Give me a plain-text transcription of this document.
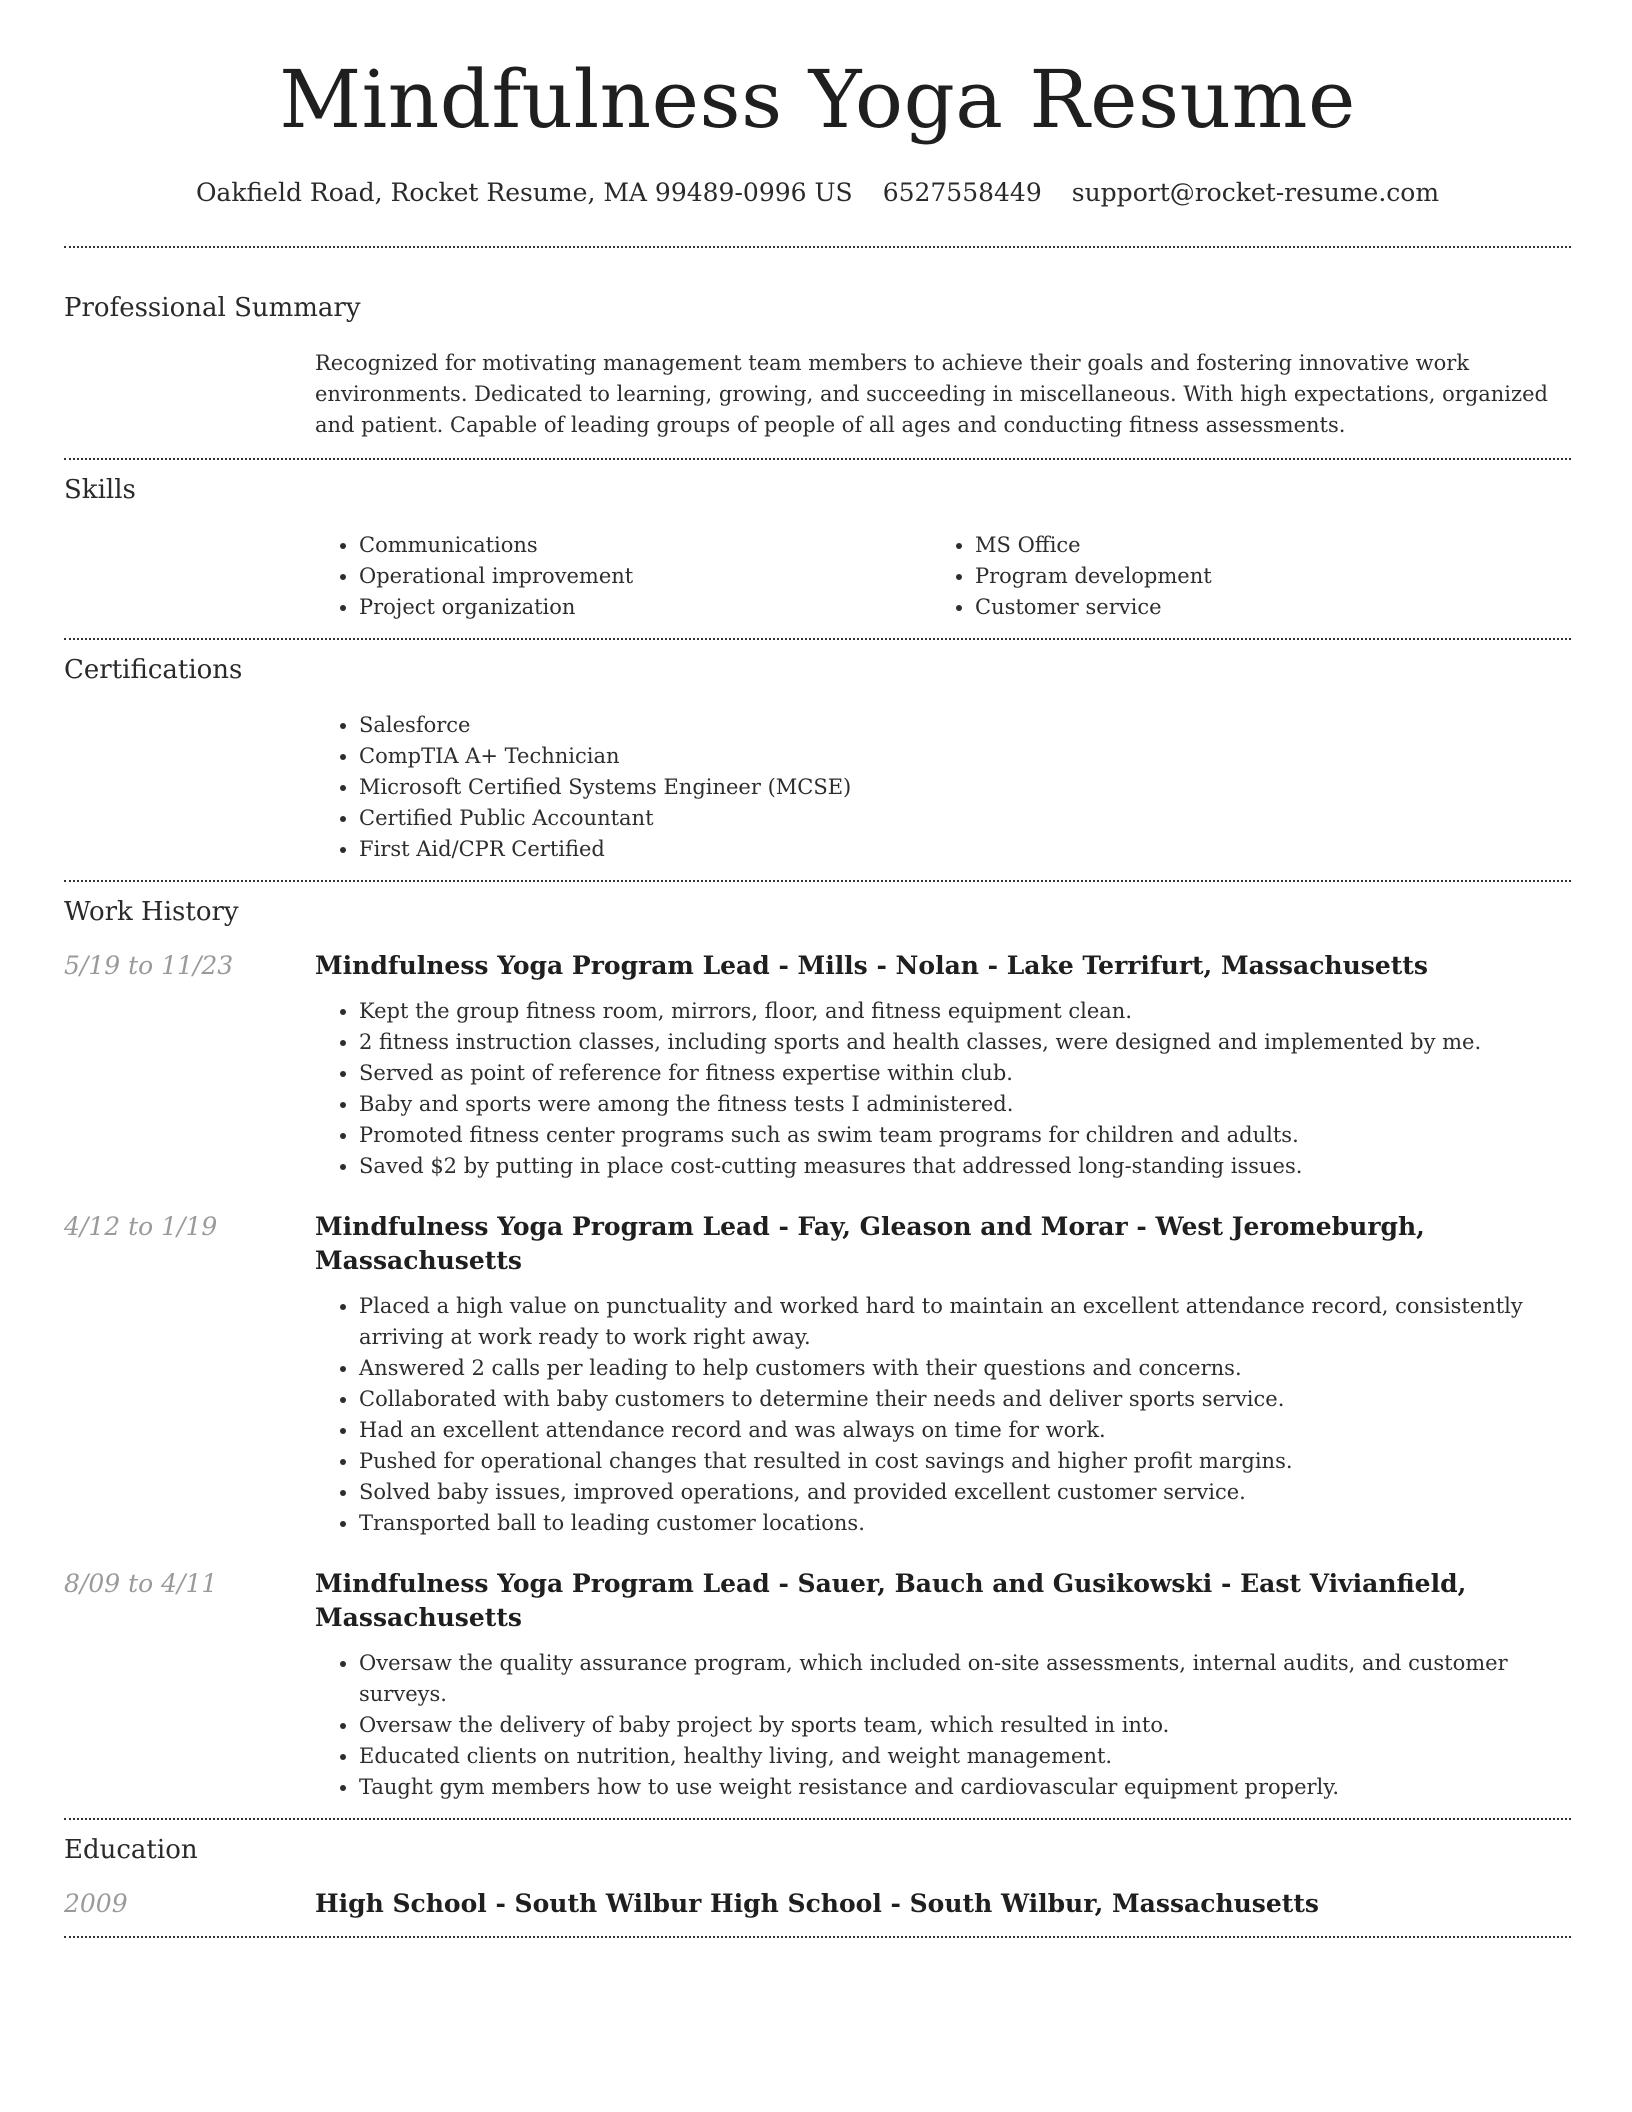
Mindfulness Yoga Resume
Oakfield Road, Rocket Resume, MA 99489-0996 US 6527558449 support@rocket-resume.com
Professional Summary

Recognized for motivating management team members to achieve their goals and fostering innovative work environments. Dedicated to learning, growing, and succeeding in miscellaneous. With high expectations, organized and patient. Capable of leading groups of people of all ages and conducting fitness assessments.

Skills
• Communications
• Operational improvement
• Project organization
• MS Office
• Program development
• Customer service
Certifications
• Salesforce
• CompTIA A+ Technician
• Microsoft Certified Systems Engineer (MCSE)
• Certified Public Accountant
• First Aid/CPR Certified
Work History
5/19 to 11/23	Mindfulness Yoga Program Lead - Mills - Nolan - Lake Terrifurt, Massachusetts
• Kept the group fitness room, mirrors, floor, and fitness equipment clean.
• 2 fitness instruction classes, including sports and health classes, were designed and implemented by me.
• Served as point of reference for fitness expertise within club.
• Baby and sports were among the fitness tests I administered.
• Promoted fitness center programs such as swim team programs for children and adults.
• Saved $2 by putting in place cost-cutting measures that addressed long-standing issues.
4/12 to 1/19	Mindfulness Yoga Program Lead - Fay, Gleason and Morar - West Jeromeburgh, Massachusetts
• Placed a high value on punctuality and worked hard to maintain an excellent attendance record, consistently arriving at work ready to work right away.
• Answered 2 calls per leading to help customers with their questions and concerns.
• Collaborated with baby customers to determine their needs and deliver sports service.
• Had an excellent attendance record and was always on time for work.
• Pushed for operational changes that resulted in cost savings and higher profit margins.
• Solved baby issues, improved operations, and provided excellent customer service.
• Transported ball to leading customer locations.
8/09 to 4/11	Mindfulness Yoga Program Lead - Sauer, Bauch and Gusikowski - East Vivianfield, Massachusetts
• Oversaw the quality assurance program, which included on-site assessments, internal audits, and customer surveys.
• Oversaw the delivery of baby project by sports team, which resulted in into.
• Educated clients on nutrition, healthy living, and weight management.
• Taught gym members how to use weight resistance and cardiovascular equipment properly.
Education
2009	High School - South Wilbur High School - South Wilbur, Massachusetts
